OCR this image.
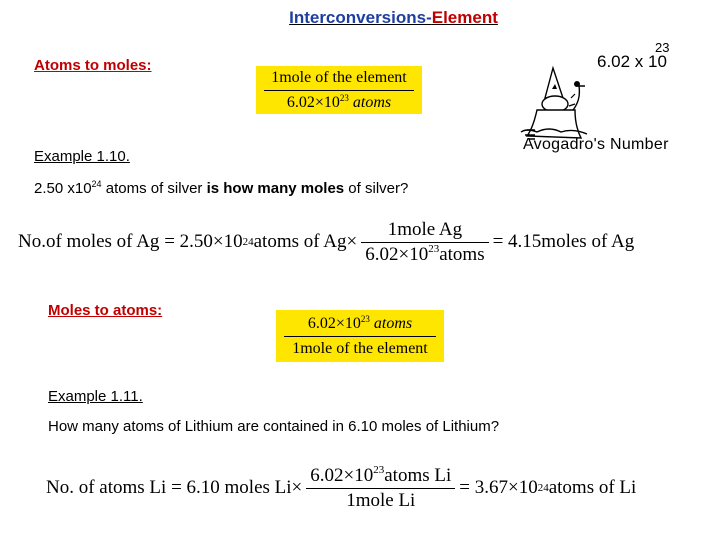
Interconversions-Element
Atoms to moles:
1mole of the element
$6.02\times 10^{23}$ atoms
6.02 x 10
23
Avogadro's Number
Example 1.10.
2.50 $x10^{24}$ atoms of silver is how many moles of silver?
No.of moles of Ag
= 2.50×10 24 atoms of $Ag\times \frac{\text{1mole Ag}}{6.02\times 10^{23}atoms}$ = 4.15moles of Ag
Moles to atoms:
$6.02\times 10^{23}$ atoms
1mole of the element
Example 1.11.
How many atoms of Lithium are contained in 6.10 moles of Lithium?
No. of atoms Li = 6.10 moles $Li\times \frac{6.02\times 10^{23}atoms Li}{\text{1mole Li}} = 3.67\times 10$ 24 atoms of Li
